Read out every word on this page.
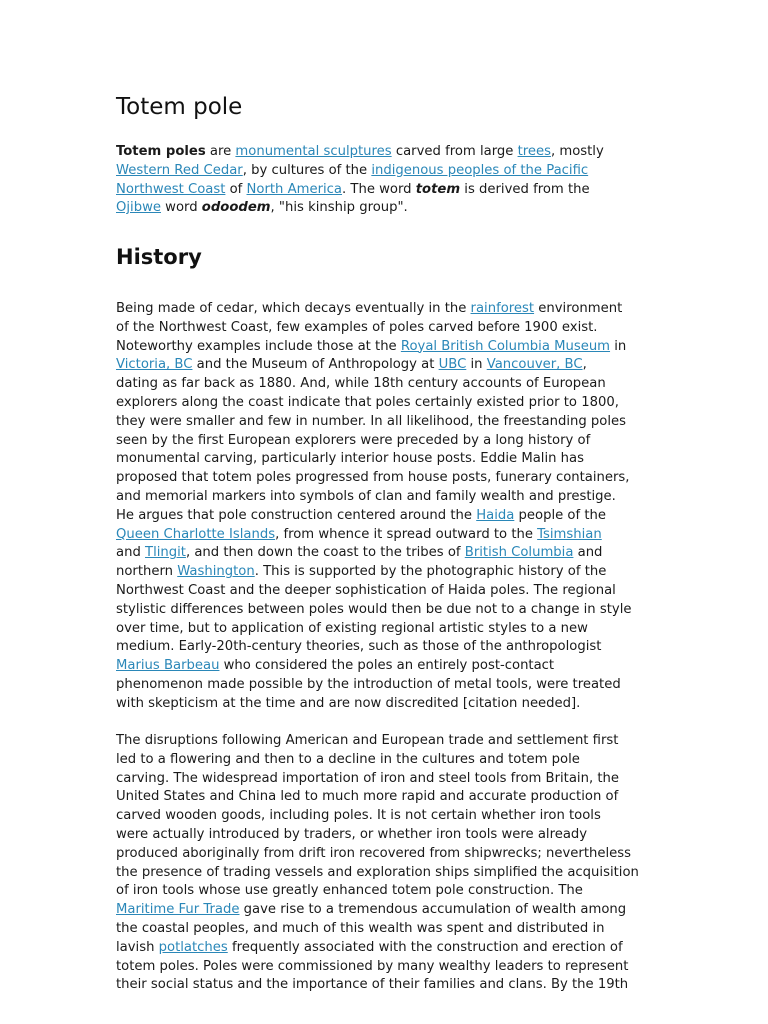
Totem pole

Totem poles are monumental sculptures carved from large trees, mostly
Western Red Cedar, by cultures of the indigenous peoples of the Pacific
Northwest Coast of North America. The word totem is derived from the
Ojibwe word odoodem, "his kinship group".

History

Being made of cedar, which decays eventually in the rainforest environment
of the Northwest Coast, few examples of poles carved before 1900 exist.
Noteworthy examples include those at the Royal British Columbia Museum in
Victoria, BC and the Museum of Anthropology at UBC in Vancouver, BC,
dating as far back as 1880. And, while 18th century accounts of European
explorers along the coast indicate that poles certainly existed prior to 1800,
they were smaller and few in number. In all likelihood, the freestanding poles
seen by the first European explorers were preceded by a long history of
monumental carving, particularly interior house posts. Eddie Malin has
proposed that totem poles progressed from house posts, funerary containers,
and memorial markers into symbols of clan and family wealth and prestige.
He argues that pole construction centered around the Haida people of the
Queen Charlotte Islands, from whence it spread outward to the Tsimshian
and Tlingit, and then down the coast to the tribes of British Columbia and
northern Washington. This is supported by the photographic history of the
Northwest Coast and the deeper sophistication of Haida poles. The regional
stylistic differences between poles would then be due not to a change in style
over time, but to application of existing regional artistic styles to a new
medium. Early-20th-century theories, such as those of the anthropologist
Marius Barbeau who considered the poles an entirely post-contact
phenomenon made possible by the introduction of metal tools, were treated
with skepticism at the time and are now discredited [citation needed].

The disruptions following American and European trade and settlement first
led to a flowering and then to a decline in the cultures and totem pole
carving. The widespread importation of iron and steel tools from Britain, the
United States and China led to much more rapid and accurate production of
carved wooden goods, including poles. It is not certain whether iron tools
were actually introduced by traders, or whether iron tools were already
produced aboriginally from drift iron recovered from shipwrecks; nevertheless
the presence of trading vessels and exploration ships simplified the acquisition
of iron tools whose use greatly enhanced totem pole construction. The
Maritime Fur Trade gave rise to a tremendous accumulation of wealth among
the coastal peoples, and much of this wealth was spent and distributed in
lavish potlatches frequently associated with the construction and erection of
totem poles. Poles were commissioned by many wealthy leaders to represent
their social status and the importance of their families and clans. By the 19th
